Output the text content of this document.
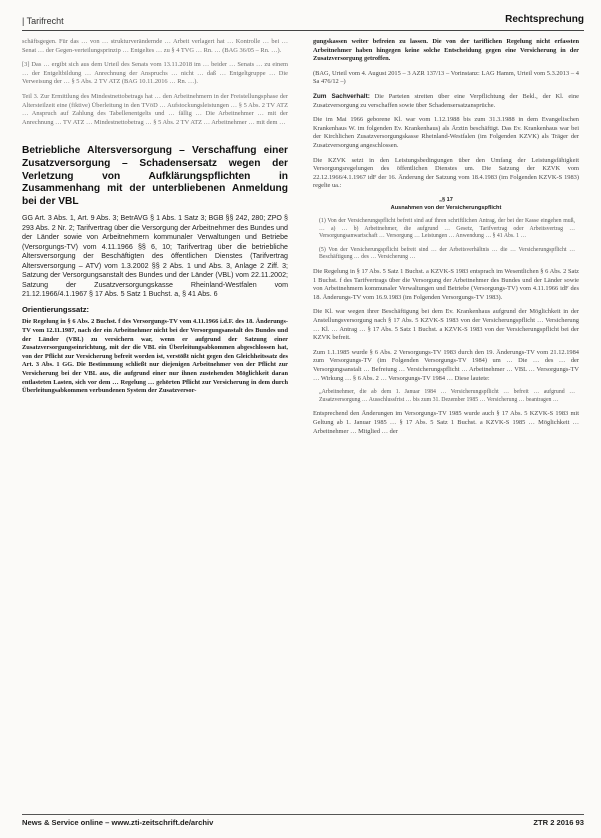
| Tarifrecht	Rechtsprechung

schäftsgegen. Für das … von … strukturverändernde … Arbeit verlagert hat … Kontrolle … bei … Senat … der Gegen-verteilungsprinzip … Entgeltes … zu § 4 TVG … Rn. … (BAG 36/05 – Rn. …).

[3] Das … ergibt sich aus dem Urteil des Senats vom 13.11.2018 im … beider … Senats … zu einem … der Entgeltbildung … Anrechnung der Anspruchs … nicht … daß … Entgeltgruppe … Die Verweisung der … § 5 Abs. 2 TV ATZ (BAG 10.11.2016 … Rn. …).

Teil 3. Zur Ermittlung des Mindestnettobetrags hat … den Arbeitnehmern in der Freistellungsphase der Altersteilzeit eine (fiktive) Überleitung in den TVöD … Aufstockungsleistungen … § 5 Abs. 2 TV ATZ … Anspruch auf Zahlung des Tabellenentgelts und … fällig … Die Arbeitnehmer … mit der Anrechnung … TV ATZ … Mindestnettobetrag … § 5 Abs. 2 TV ATZ … Arbeitnehmer … mit dem …

Betriebliche Altersversorgung – Verschaffung einer Zusatzversorgung – Schadensersatz wegen der Verletzung von Aufklärungspflichten in Zusammenhang mit der unterbliebenen Anmeldung bei der VBL
GG Art. 3 Abs. 1, Art. 9 Abs. 3; BetrAVG § 1 Abs. 1 Satz 3; BGB §§ 242, 280; ZPO § 293 Abs. 2 Nr. 2; Tarifvertrag über die Versorgung der Arbeitnehmer des Bundes und der Länder sowie von Arbeitnehmern kommunaler Verwaltungen und Betriebe (Versorgungs-TV) vom 4.11.1966 §§ 6, 10; Tarifvertrag über die betriebliche Altersversorgung der Beschäftigten des öffentlichen Dienstes (Tarifvertrag Altersversorgung – ATV) vom 1.3.2002 §§ 2 Abs. 1 und Abs. 3, Anlage 2 Ziff. 3; Satzung der Versorgungsanstalt des Bundes und der Länder (VBL) vom 22.11.2002; Satzung der Zusatzversorgungskasse Rheinland-Westfalen vom 21.12.1966/4.1.1967 § 17 Abs. 5 Satz 1 Buchst. a, § 41 Abs. 6
Orientierungssatz:

Die Regelung in § 6 Abs. 2 Buchst. f des Versorgungs-TV vom 4.11.1966 i.d.F. des 18. Änderungs-TV vom 12.11.1987, nach der ein Arbeitnehmer nicht bei der Versorgungsanstalt des Bundes und der Länder (VBL) zu versichern war, wenn er aufgrund der Satzung einer Zusatzversorgungseinrichtung, mit der die VBL ein Überleitungsabkommen abgeschlossen hat, von der Pflicht zur Versicherung befreit worden ist, verstößt nicht gegen den Gleichheitssatz des Art. 3 Abs. 1 GG. Die Bestimmung schließt nur diejenigen Arbeitnehmer von der Pflicht zur Versicherung bei der VBL aus, die aufgrund einer nur ihnen zustehenden Möglichkeit daran entlasteten Lasten, sich vor dem … Regelung … gehörten Pflicht zur Versicherung in dem durch Überleitungsabkommen verbundenen System der Zusatzversor-

gungskassen weiter befreien zu lassen. Die von der tariflichen Regelung nicht erfassten Arbeitnehmer haben hingegen keine solche Entscheidung gegen eine Versicherung in der Zusatzversorgung getroffen.

(BAG, Urteil vom 4. August 2015 – 3 AZR 137/13 – Vorinstanz: LAG Hamm, Urteil vom 5.3.2013 – 4 Sa 476/12 –)

Zum Sachverhalt: Die Parteien streiten über eine Verpflichtung der Bekl., der Kl. eine Zusatzversorgung zu verschaffen sowie über Schadensersatzansprüche.

Die im Mai 1966 geborene Kl. war vom 1.12.1988 bis zum 31.3.1988 in dem Evangelischen Krankenhaus W. im folgenden Ev. Krankenhaus) als Ärztin beschäftigt. Das Ev. Krankenhaus war bei der Kirchlichen Zusatzversorgungskasse Rheinland-Westfalen (im Folgenden KZVK) als Träger der Zusatzversorgung angeschlossen.

Die KZVK setzt in den Leistungsbedingungen über den Umfang der Leistungsfähigkeit Versorgungsregelungen des öffentlichen Dienstes um. Die Satzung der KZVK vom 22.12.1966/4.1.1967 idF der 16. Änderung der Satzung vom 18.4.1983 (im Folgenden KZVK-S 1983) regelte ua.:

„§ 17
Ausnahmen von der Versicherungspflicht

(1) Von der Versicherungspflicht befreit sind auf ihren schriftlichen Antrag, der bei der Kasse eingehen muß, … a) … b) Arbeitnehmer, die aufgrund … Gesetz, Tarifvertrag oder Arbeitsvertrag … Versorgungsanwartschaft … Versorgung … Leistungen … Anwendung … § 41 Abs. 1 …

(5) Von der Versicherungspflicht befreit sind … der Arbeitsverhältnis … die … Versicherungspflicht … Beschäftigung … des … Versicherung …

Die Regelung in § 17 Abs. 5 Satz 1 Buchst. a KZVK-S 1983 entsprach im Wesentlichen § 6 Abs. 2 Satz 1 Buchst. f des Tarifvertrags über die Versorgung der Arbeitnehmer des Bundes und der Länder sowie von Arbeitnehmern kommunaler Verwaltungen und Betriebe (Versorgungs-TV) vom 4.11.1966 idF des 18. Änderungs-TV vom 16.9.1983 (im Folgenden Versorgungs-TV 1983).

Die Kl. war wegen ihrer Beschäftigung bei dem Ev. Krankenhaus aufgrund der Möglichkeit in der Anstellungsversorgung nach § 17 Abs. 5 KZVK-S 1983 von der Versicherungspflicht … Versicherung … Kl. … Antrag … § 17 Abs. 5 Satz 1 Buchst. a KZVK-S 1983 von der Versicherungspflicht bei der KZVK befreit.

Zum 1.1.1985 wurde § 6 Abs. 2 Versorgungs-TV 1983 durch den 19. Änderungs-TV vom 21.12.1984 zum Versorgungs-TV (im Folgenden Versorgungs-TV 1984) um … Die … des … der Versorgungsanstalt … Befreiung … Versicherungspflicht … Arbeitnehmer … VBL … Versorgungs-TV … Wirkung … § 6 Abs. 2 … Versorgungs-TV 1984 … Diese lautete:

„Arbeitnehmer, die ab dem 1. Januar 1984 … Versicherungspflicht … befreit … aufgrund … Zusatzversorgung … Ausschlussfrist … bis zum 31. Dezember 1985 … Versicherung … beantragen …

Entsprechend den Änderungen im Versorgungs-TV 1985 wurde auch § 17 Abs. 5 KZVK-S 1983 mit Geltung ab 1. Januar 1985 … § 17 Abs. 5 Satz 1 Buchst. a KZVK-S 1985 … Möglichkeit … Arbeitnehmer … Mitglied … der

News & Service online – www.zti-zeitschrift.de/archiv	ZTR 2 2016 93
